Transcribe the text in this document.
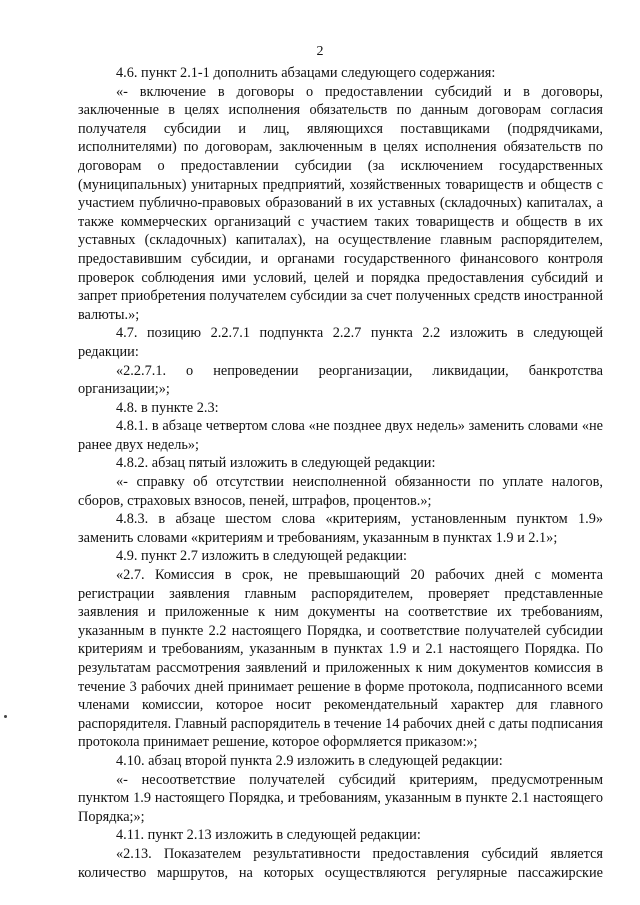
2

4.6. пункт 2.1-1 дополнить абзацами следующего содержания:

«- включение в договоры о предоставлении субсидий и в договоры, заключенные в целях исполнения обязательств по данным договорам согласия получателя субсидии и лиц, являющихся поставщиками (подрядчиками, исполнителями) по договорам, заключенным в целях исполнения обязательств по договорам о предоставлении субсидии (за исключением государственных (муниципальных) унитарных предприятий, хозяйственных товариществ и обществ с участием публично-правовых образований в их уставных (складочных) капиталах, а также коммерческих организаций с участием таких товариществ и обществ в их уставных (складочных) капиталах), на осуществление главным распорядителем, предоставившим субсидии, и органами государственного финансового контроля проверок соблюдения ими условий, целей и порядка предоставления субсидий и запрет приобретения получателем субсидии за счет полученных средств иностранной валюты.»;

4.7. позицию 2.2.7.1 подпункта 2.2.7 пункта 2.2 изложить в следующей редакции:

«2.2.7.1. о непроведении реорганизации, ликвидации, банкротства организации;»;

4.8. в пункте 2.3:

4.8.1. в абзаце четвертом слова «не позднее двух недель» заменить словами «не ранее двух недель»;

4.8.2. абзац пятый изложить в следующей редакции:

«- справку об отсутствии неисполненной обязанности по уплате налогов, сборов, страховых взносов, пеней, штрафов, процентов.»;

4.8.3. в абзаце шестом слова «критериям, установленным пунктом 1.9» заменить словами «критериям и требованиям, указанным в пунктах 1.9 и 2.1»;

4.9. пункт 2.7 изложить в следующей редакции:

«2.7. Комиссия в срок, не превышающий 20 рабочих дней с момента регистрации заявления главным распорядителем, проверяет представленные заявления и приложенные к ним документы на соответствие их требованиям, указанным в пункте 2.2 настоящего Порядка, и соответствие получателей субсидии критериям и требованиям, указанным в пунктах 1.9 и 2.1 настоящего Порядка. По результатам рассмотрения заявлений и приложенных к ним документов комиссия в течение 3 рабочих дней принимает решение в форме протокола, подписанного всеми членами комиссии, которое носит рекомендательный характер для главного распорядителя. Главный распорядитель в течение 14 рабочих дней с даты подписания протокола принимает решение, которое оформляется приказом:»;

4.10. абзац второй пункта 2.9 изложить в следующей редакции:

«- несоответствие получателей субсидий критериям, предусмотренным пунктом 1.9 настоящего Порядка, и требованиям, указанным в пункте 2.1 настоящего Порядка;»;

4.11. пункт 2.13 изложить в следующей редакции:

«2.13. Показателем результативности предоставления субсидий является количество маршрутов, на которых осуществляются регулярные пассажирские
